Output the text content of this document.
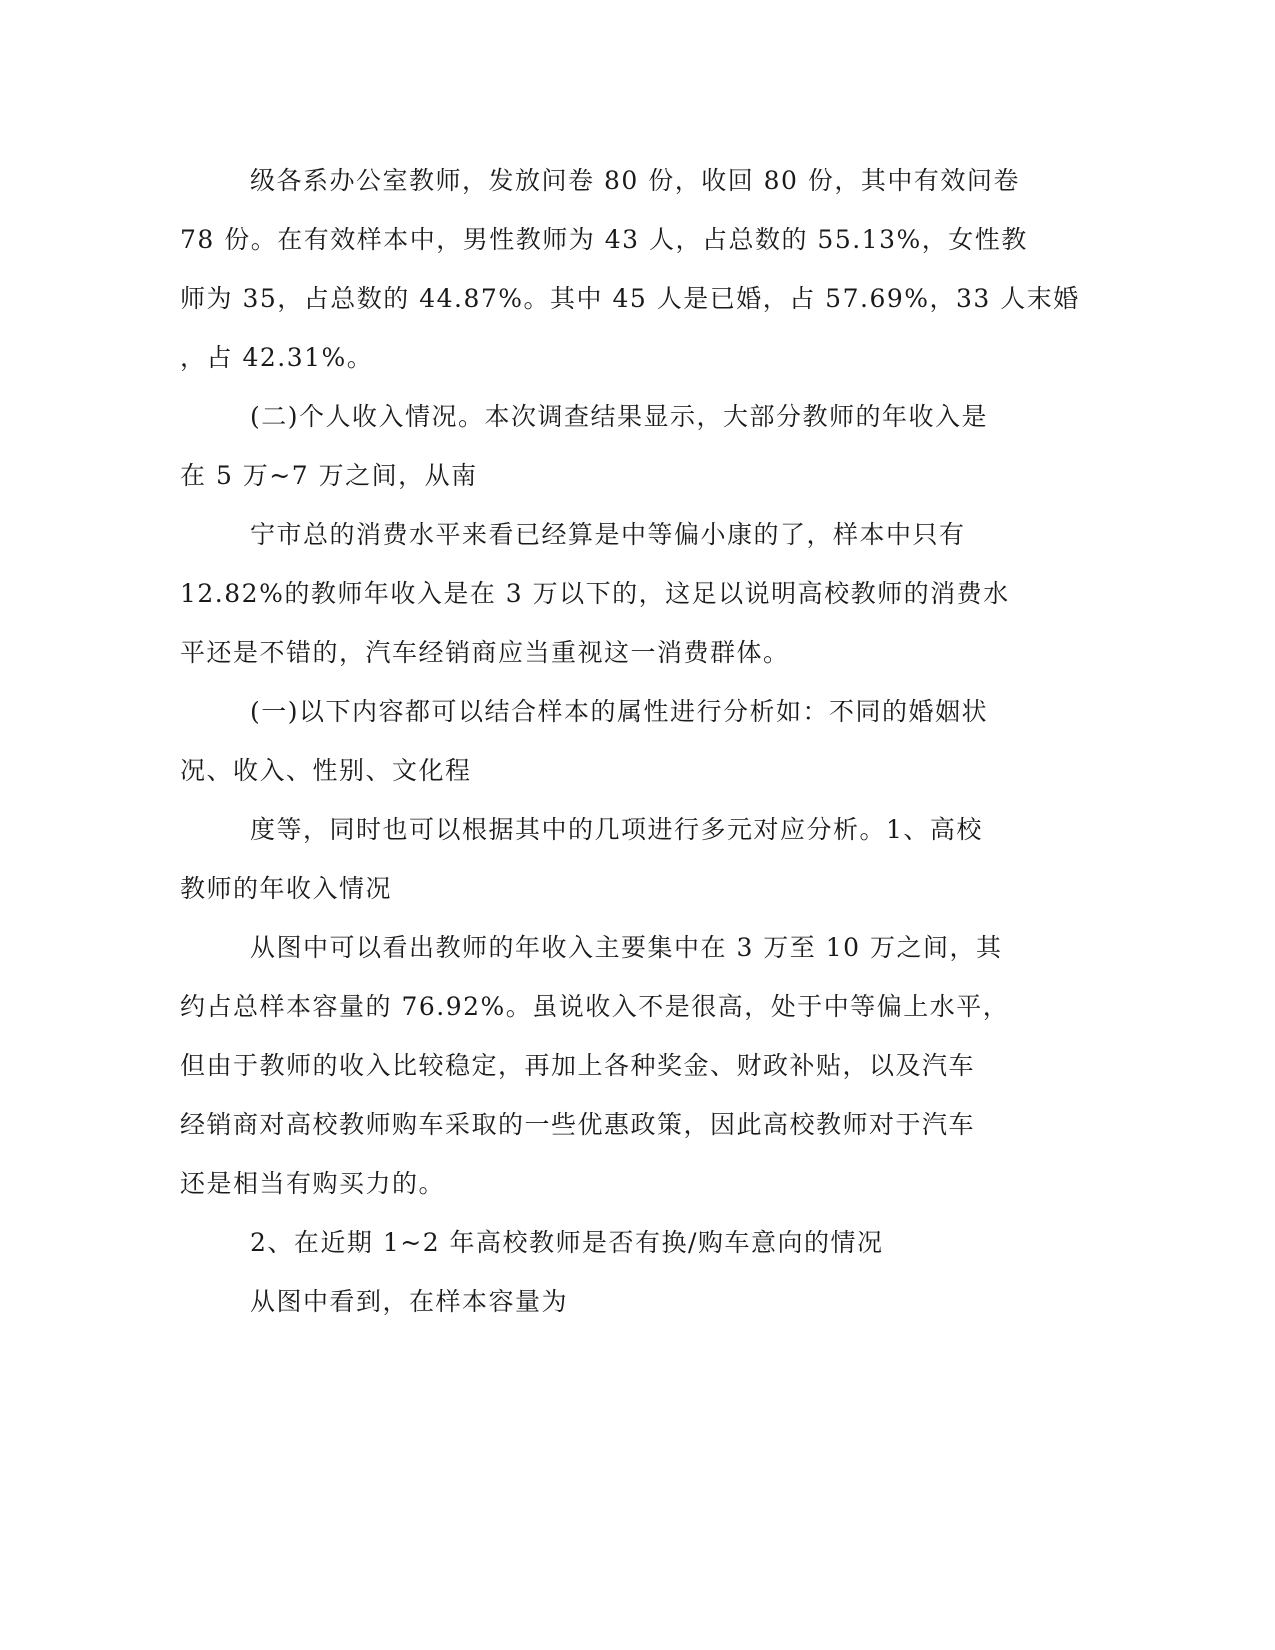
级各系办公室教师，发放问卷 80 份，收回 80 份，其中有效问卷
78 份。在有效样本中，男性教师为 43 人，占总数的 55.13%，女性教
师为 35，占总数的 44.87%。其中 45 人是已婚，占 57.69%，33 人末婚
，占 42.31%。
(二)个人收入情况。本次调查结果显示，大部分教师的年收入是
在 5 万~7 万之间，从南
宁市总的消费水平来看已经算是中等偏小康的了，样本中只有
12.82%的教师年收入是在 3 万以下的，这足以说明高校教师的消费水
平还是不错的，汽车经销商应当重视这一消费群体。
(一)以下内容都可以结合样本的属性进行分析如：不同的婚姻状
况、收入、性别、文化程
度等，同时也可以根据其中的几项进行多元对应分析。1、高校
教师的年收入情况
从图中可以看出教师的年收入主要集中在 3 万至 10 万之间，其
约占总样本容量的 76.92%。虽说收入不是很高，处于中等偏上水平，
但由于教师的收入比较稳定，再加上各种奖金、财政补贴，以及汽车
经销商对高校教师购车采取的一些优惠政策，因此高校教师对于汽车
还是相当有购买力的。
2、在近期 1~2 年高校教师是否有换/购车意向的情况
从图中看到，在样本容量为
